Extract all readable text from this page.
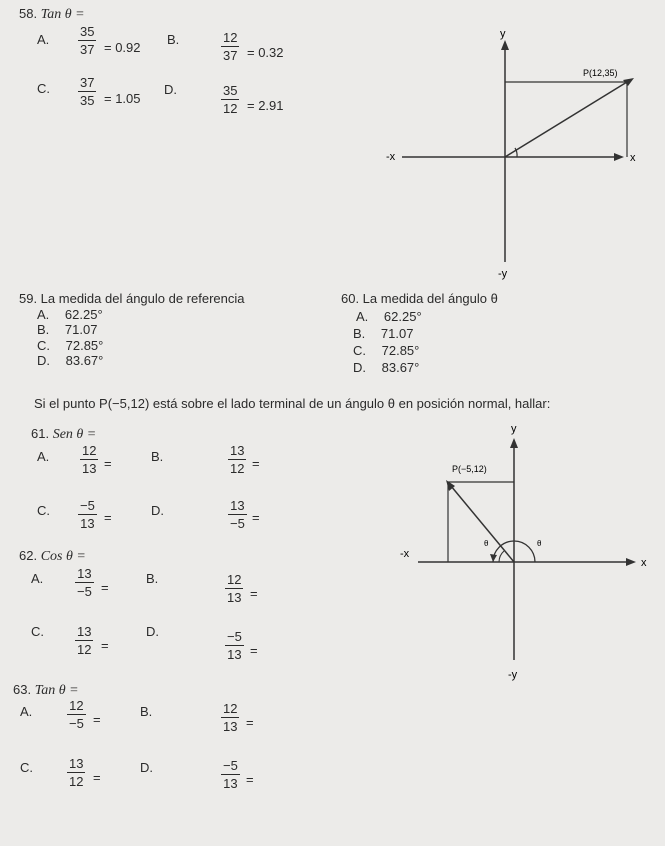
58. Tan θ =
A.
35
37 = 0.92
B.	12
37 = 0.32
C. 37
35 = 1.05
D.	35
12 = 2.91
y
-y
-x	x
P(12,35)
59. La medida del ángulo de referencia
A. 62.25°
B. 71.07
C. 72.85°
D. 83.67°
60. La medida del ángulo θ
A. 62.25°
B. 71.07
C. 72.85°
D. 83.67°
Si el punto P(−5,12) está sobre el lado terminal de un ángulo θ en posición normal, hallar:
61. Sen θ =
A.	12
13 =	B.	13
12 =
C. −5
13 =	D.	13
−5 =
62. Cos θ =
A.	13
−5 =
B.	12
13 =
C.	13
12 =
D.	−5
13 =
63. Tan θ =
A.	12
−5 =
B.	12
13 =
C.	13
12 =
D.	−5
13 =
y
-y
-x
x
P(−5,12)
θ	θ
